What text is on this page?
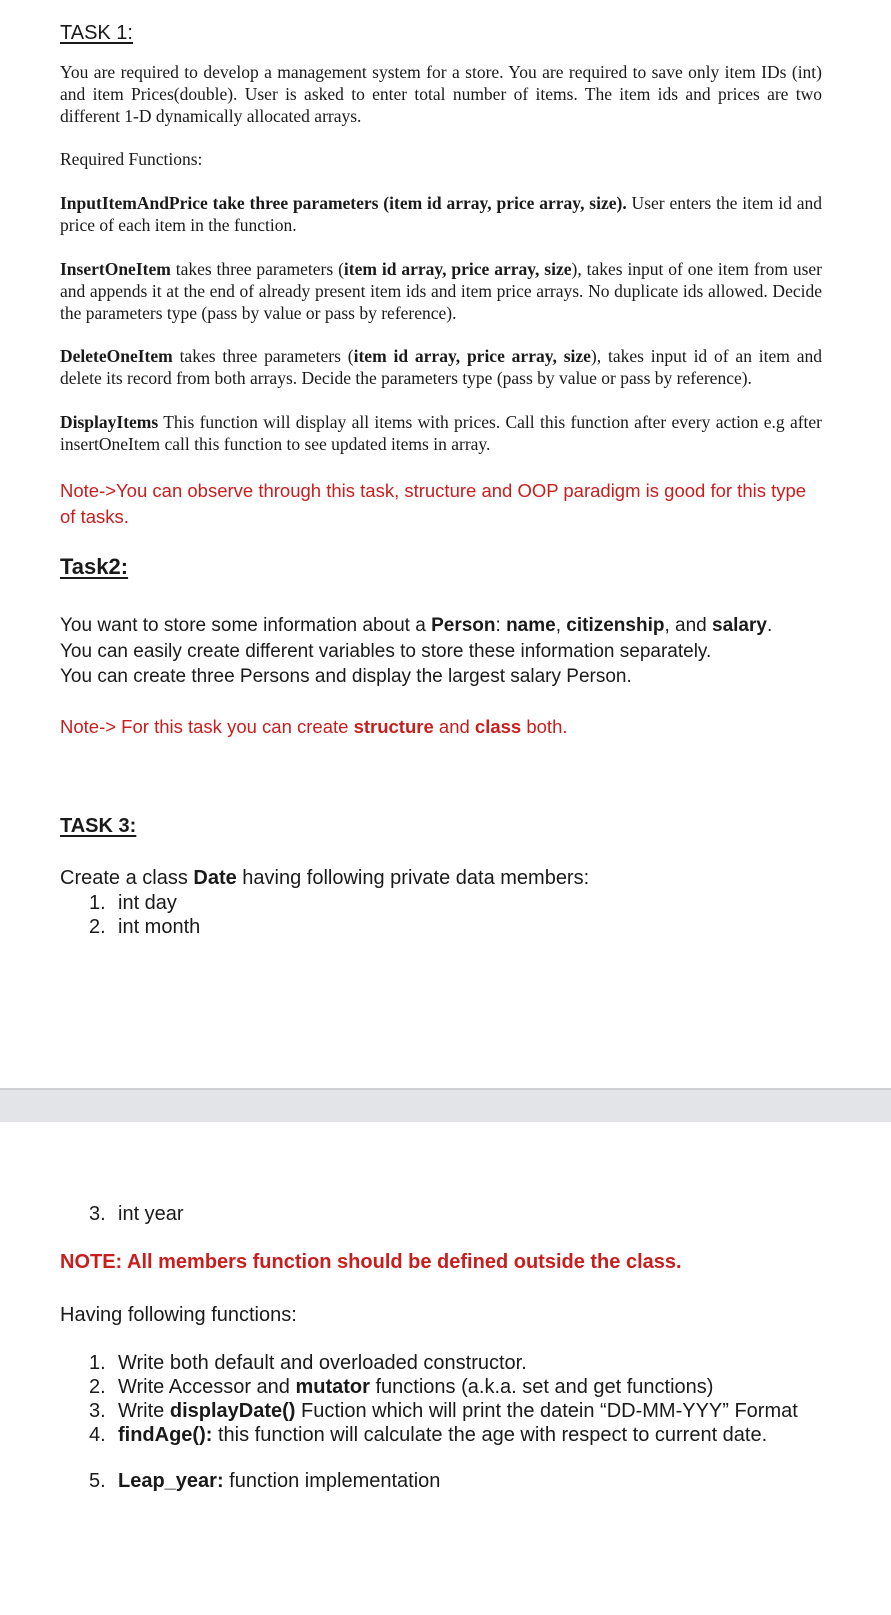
TASK 1:
You are required to develop a management system for a store. You are required to save only item IDs (int) and item Prices(double). User is asked to enter total number of items. The item ids and prices are two different 1-D dynamically allocated arrays.
Required Functions:
InputItemAndPrice take three parameters (item id array, price array, size). User enters the item id and price of each item in the function.
InsertOneItem takes three parameters (item id array, price array, size), takes input of one item from user and appends it at the end of already present item ids and item price arrays. No duplicate ids allowed. Decide the parameters type (pass by value or pass by reference).
DeleteOneItem takes three parameters (item id array, price array, size), takes input id of an item and delete its record from both arrays. Decide the parameters type (pass by value or pass by reference).
DisplayItems This function will display all items with prices. Call this function after every action e.g after insertOneItem call this function to see updated items in array.
Note->You can observe through this task, structure and OOP paradigm is good for this type of tasks.
Task2:
You want to store some information about a Person: name, citizenship, and salary.
You can easily create different variables to store these information separately.
You can create three Persons and display the largest salary Person.
Note-> For this task you can create structure and class both.
TASK 3:
Create a class Date having following private data members:
1. int day
2. int month
3. int year
NOTE: All members function should be defined outside the class.
Having following functions:
1. Write both default and overloaded constructor.
2. Write Accessor and mutator functions (a.k.a. set and get functions)
3. Write displayDate() Fuction which will print the datein “DD-MM-YYY” Format
4. findAge(): this function will calculate the age with respect to current date.
5. Leap_year: function implementation
